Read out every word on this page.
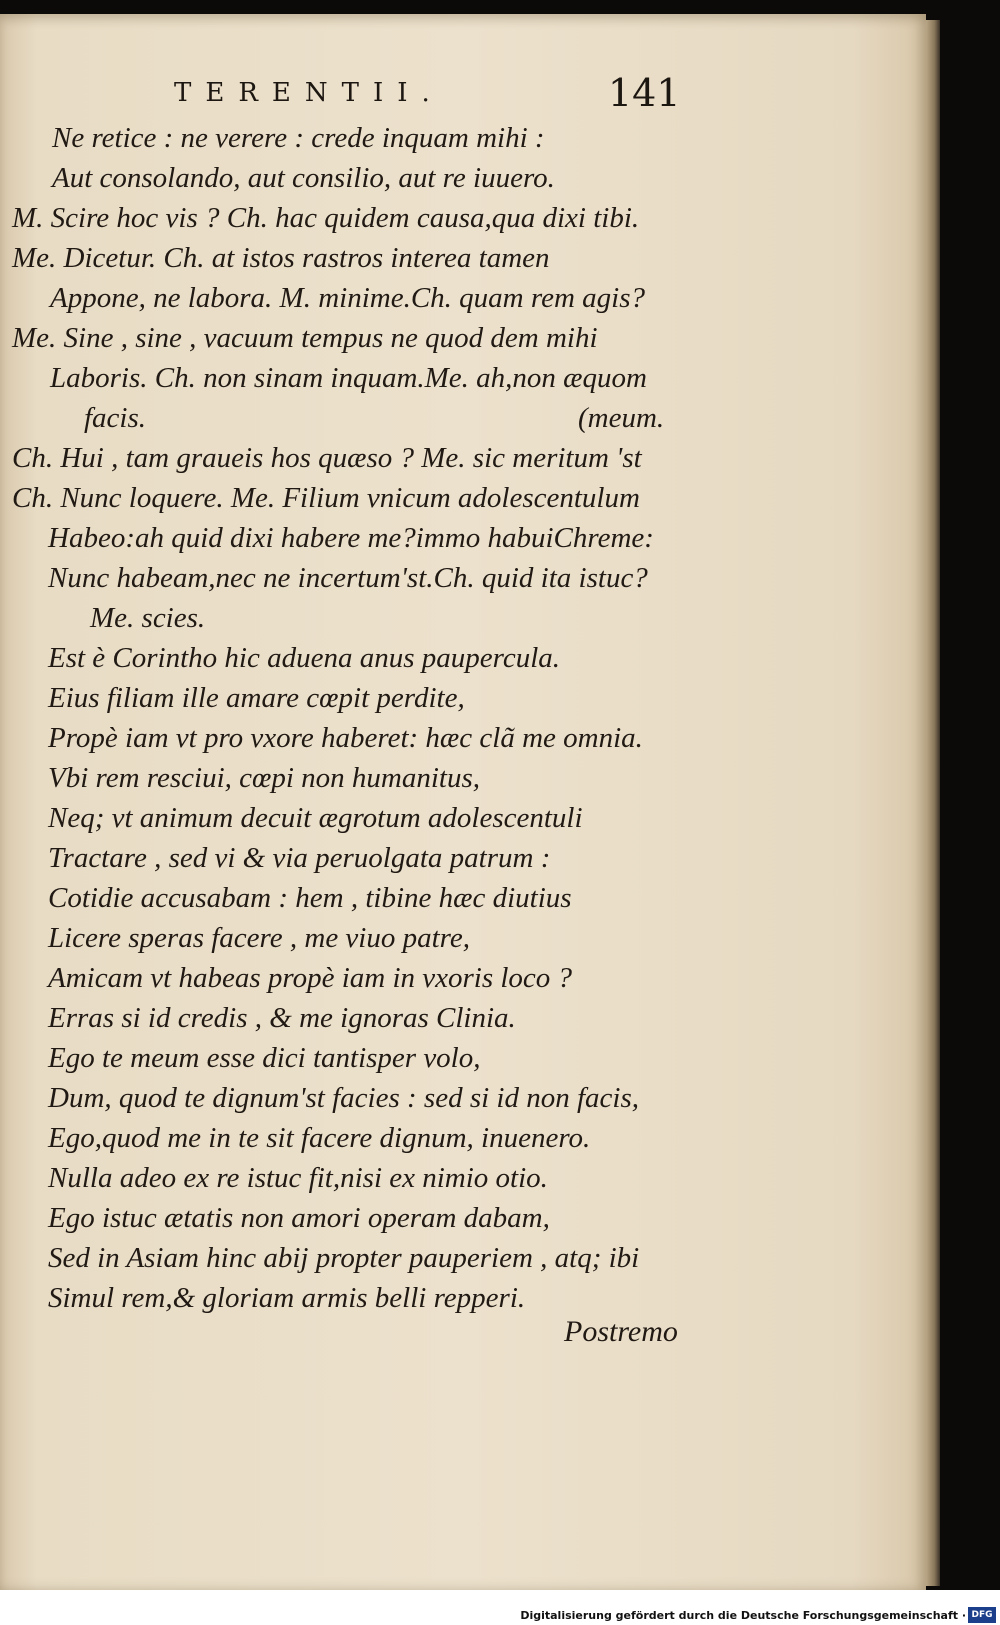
TERENTII.	141
Ne retice : ne verere : crede inquam mihi :
Aut consolando, aut consilio, aut re iuuero.
M. Scire hoc vis ? Ch. hac quidem causa,qua dixi tibi.
Me. Dicetur. Ch. at istos rastros interea tamen
Appone, ne labora. M. minime.Ch. quam rem agis?
Me. Sine , sine , vacuum tempus ne quod dem mihi
Laboris. Ch. non sinam inquam.Me. ah,non æquom
facis.	(meum.
Ch. Hui , tam graueis hos quæso ? Me. sic meritum 'st
Ch. Nunc loquere. Me. Filium vnicum adolescentulum
Habeo:ah quid dixi habere me?immo habuiChreme:
Nunc habeam,nec ne incertum'st.Ch. quid ita istuc?
Me. scies.
Est è Corintho hic aduena anus paupercula.
Eius filiam ille amare cœpit perdite,
Propè iam vt pro vxore haberet: hæc clã me omnia.
Vbi rem resciui, cœpi non humanitus,
Neq; vt animum decuit ægrotum adolescentuli
Tractare , sed vi & via peruolgata patrum :
Cotidie accusabam : hem , tibine hæc diutius
Licere speras facere , me viuo patre,
Amicam vt habeas propè iam in vxoris loco ?
Erras si id credis , & me ignoras Clinia.
Ego te meum esse dici tantisper volo,
Dum, quod te dignum'st facies : sed si id non facis,
Ego,quod me in te sit facere dignum, inuenero.
Nulla adeo ex re istuc fit,nisi ex nimio otio.
Ego istuc ætatis non amori operam dabam,
Sed in Asiam hinc abij propter pauperiem , atq; ibi
Simul rem,& gloriam armis belli repperi.
Postremo
Digitalisierung gefördert durch die Deutsche Forschungsgemeinschaft · DFG
